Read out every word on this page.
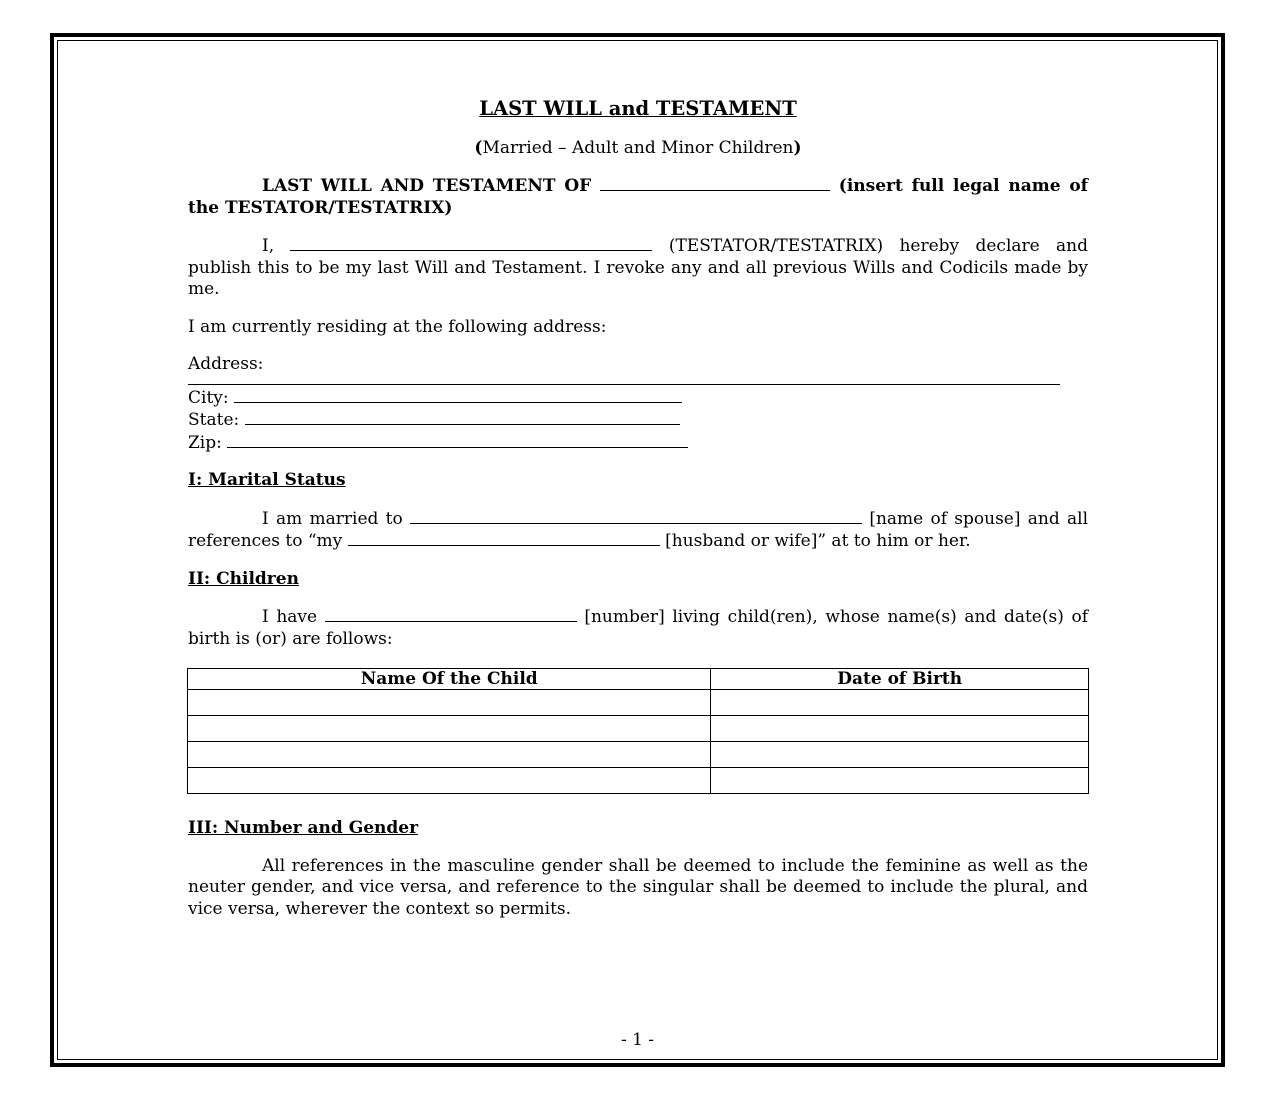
LAST WILL and TESTAMENT
(Married – Adult and Minor Children)

LAST WILL AND TESTAMENT OF	(insert full legal name of the TESTATOR/TESTATRIX)

I,	(TESTATOR/TESTATRIX) hereby declare and publish this to be my last Will and Testament. I revoke any and all previous Wills and Codicils made by me.

I am currently residing at the following address:

Address:

City:

State:

Zip:

I: Marital Status

I am married to	[name of spouse] and all references to “my	[husband or wife]” at to him or her.

II: Children

I have	[number] living child(ren), whose name(s) and date(s) of birth is (or) are follows:

Name Of the Child	Date of Birth

III: Number and Gender

All references in the masculine gender shall be deemed to include the feminine as well as the neuter gender, and vice versa, and reference to the singular shall be deemed to include the plural, and vice versa, wherever the context so permits.

- 1 -
